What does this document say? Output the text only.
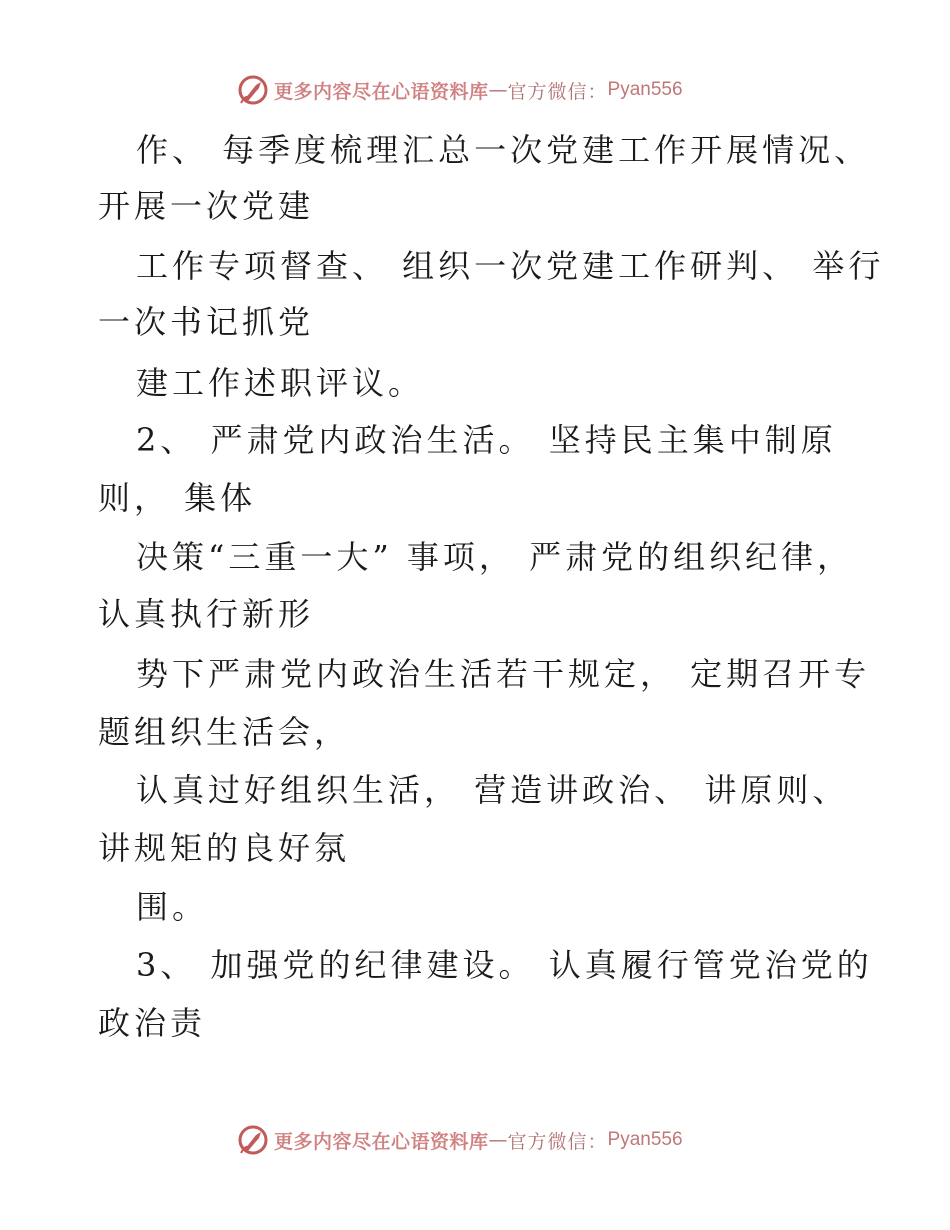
更多内容尽在心语资料库 — 官方微信： Pyan556
作、 每季度梳理汇总一次党建工作开展情况、
开展一次党建
工作专项督查、 组织一次党建工作研判、 举行
一次书记抓党
建工作述职评议。
2、 严肃党内政治生活。 坚持民主集中制原
则， 集体
决策“三重一大” 事项， 严肃党的组织纪律，
认真执行新形
势下严肃党内政治生活若干规定， 定期召开专
题组织生活会，
认真过好组织生活， 营造讲政治、 讲原则、
讲规矩的良好氛
围。
3、 加强党的纪律建设。 认真履行管党治党的
政治责
更多内容尽在心语资料库 — 官方微信： Pyan556
